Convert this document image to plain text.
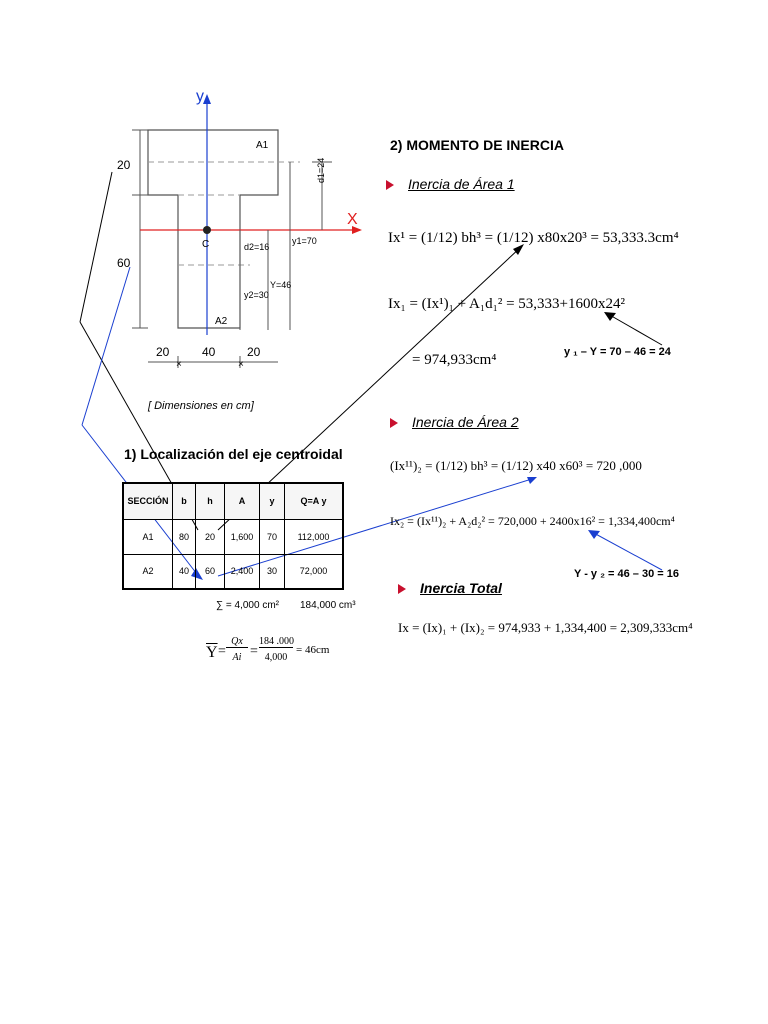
×	×
y
X
A1
A2
C
20
60
d1=24
y1=70
d2=16
Y=46
y2=30
20	40	20
[ Dimensiones en cm]
1) Localización del eje centroidal
SECCIÓN	b	h	A	y	Q=A y
A1	80	20	1,600	70	112,000
A2	40	60	2,400	30	72,000
∑ = 4,000 cm² 184,000 cm³
$\overline{Y}$ =
Qx
Ai =
184 .000
4,000
= 46cm
2) MOMENTO DE INERCIA
Inercia de Área 1
Ix¹ = (1/12) bh³ = (1/12) x80x20³ = 53,333.3cm⁴
Ix₁ = (Ix¹)₁ + A₁d₁² = 53,333+1600x24²
= 974,933cm⁴	y ₁ – Y = 70 – 46 = 24
Inercia de Área 2
(Ix¹¹)₂ = (1/12) bh³ = (1/12) x40 x60³ = 720 ,000
Ix₂ = (Ix¹¹)₂ + A₂d₂² = 720,000 + 2400x16² = 1,334,400cm⁴
Y - y ₂ = 46 – 30 = 16
Inercia Total
Ix = (Ix)₁ + (Ix)₂ = 974,933 + 1,334,400 = 2,309,333cm⁴
